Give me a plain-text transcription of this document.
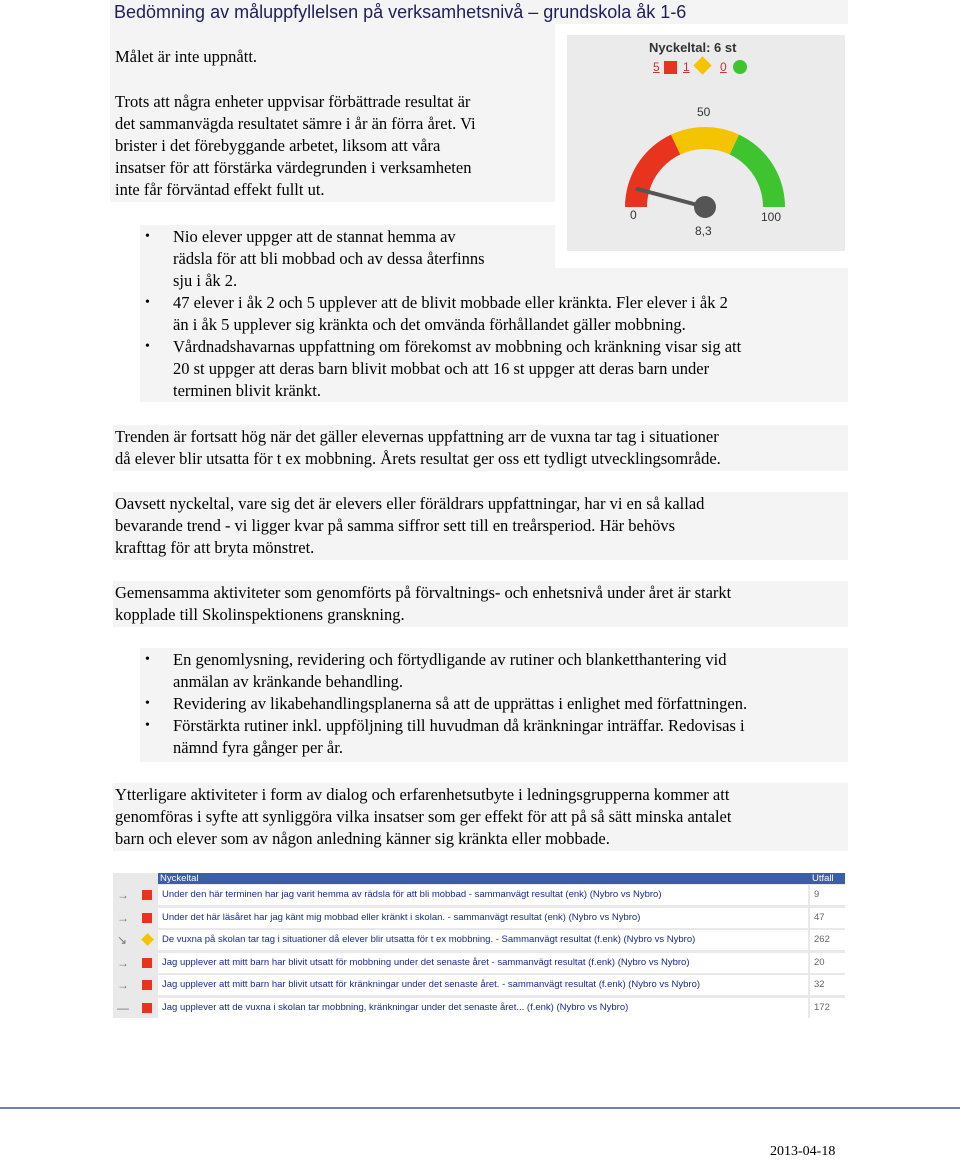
Bedömning av måluppfyllelsen på verksamhetsnivå – grundskola åk 1-6
Målet är inte uppnått.
Trots att några enheter uppvisar förbättrade resultat är
det sammanvägda resultatet sämre i år än förra året. Vi
brister i det förebyggande arbetet, liksom att våra
insatser för att förstärka värdegrunden i verksamheten
inte får förväntad effekt fullt ut.
Nyckeltal: 6 st
5 1	0
50
0	100
8,3
• Nio elever uppger att de stannat hemma av
rädsla för att bli mobbad och av dessa återfinns
sju i åk 2.
• 47 elever i åk 2 och 5 upplever att de blivit mobbade eller kränkta. Fler elever i åk 2
än i åk 5 upplever sig kränkta och det omvända förhållandet gäller mobbning.
• Vårdnadshavarnas uppfattning om förekomst av mobbning och kränkning visar sig att
20 st uppger att deras barn blivit mobbat och att 16 st uppger att deras barn under
terminen blivit kränkt.
Trenden är fortsatt hög när det gäller elevernas uppfattning arr de vuxna tar tag i situationer
då elever blir utsatta för t ex mobbning. Årets resultat ger oss ett tydligt utvecklingsområde.
Oavsett nyckeltal, vare sig det är elevers eller föräldrars uppfattningar, har vi en så kallad
bevarande trend - vi ligger kvar på samma siffror sett till en treårsperiod. Här behövs
krafttag för att bryta mönstret.
Gemensamma aktiviteter som genomförts på förvaltnings- och enhetsnivå under året är starkt
kopplade till Skolinspektionens granskning.
• En genomlysning, revidering och förtydligande av rutiner och blanketthantering vid
anmälan av kränkande behandling.
• Revidering av likabehandlingsplanerna så att de upprättas i enlighet med författningen.
• Förstärkta rutiner inkl. uppföljning till huvudman då kränkningar inträffar. Redovisas i
nämnd fyra gånger per år.
Ytterligare aktiviteter i form av dialog och erfarenhetsutbyte i ledningsgrupperna kommer att
genomföras i syfte att synliggöra vilka insatser som ger effekt för att på så sätt minska antalet
barn och elever som av någon anledning känner sig kränkta eller mobbade.
Nyckeltal	Utfall
→	Under den här terminen har jag varit hemma av rädsla för att bli mobbad - sammanvägt resultat (enk) (Nybro vs Nybro)	9
→	Under det här läsåret har jag känt mig mobbad eller kränkt i skolan. - sammanvägt resultat (enk) (Nybro vs Nybro)	47
↘	De vuxna på skolan tar tag i situationer då elever blir utsatta för t ex mobbning. - Sammanvägt resultat (f.enk) (Nybro vs Nybro)	262
→	Jag upplever att mitt barn har blivit utsatt för mobbning under det senaste året - sammanvägt resultat (f.enk) (Nybro vs Nybro)	20
→	Jag upplever att mitt barn har blivit utsatt för kränkningar under det senaste året. - sammanvägt resultat (f.enk) (Nybro vs Nybro)	32
—	Jag upplever att de vuxna i skolan tar mobbning, kränkningar under det senaste året... (f.enk) (Nybro vs Nybro)	172
2013-04-18
